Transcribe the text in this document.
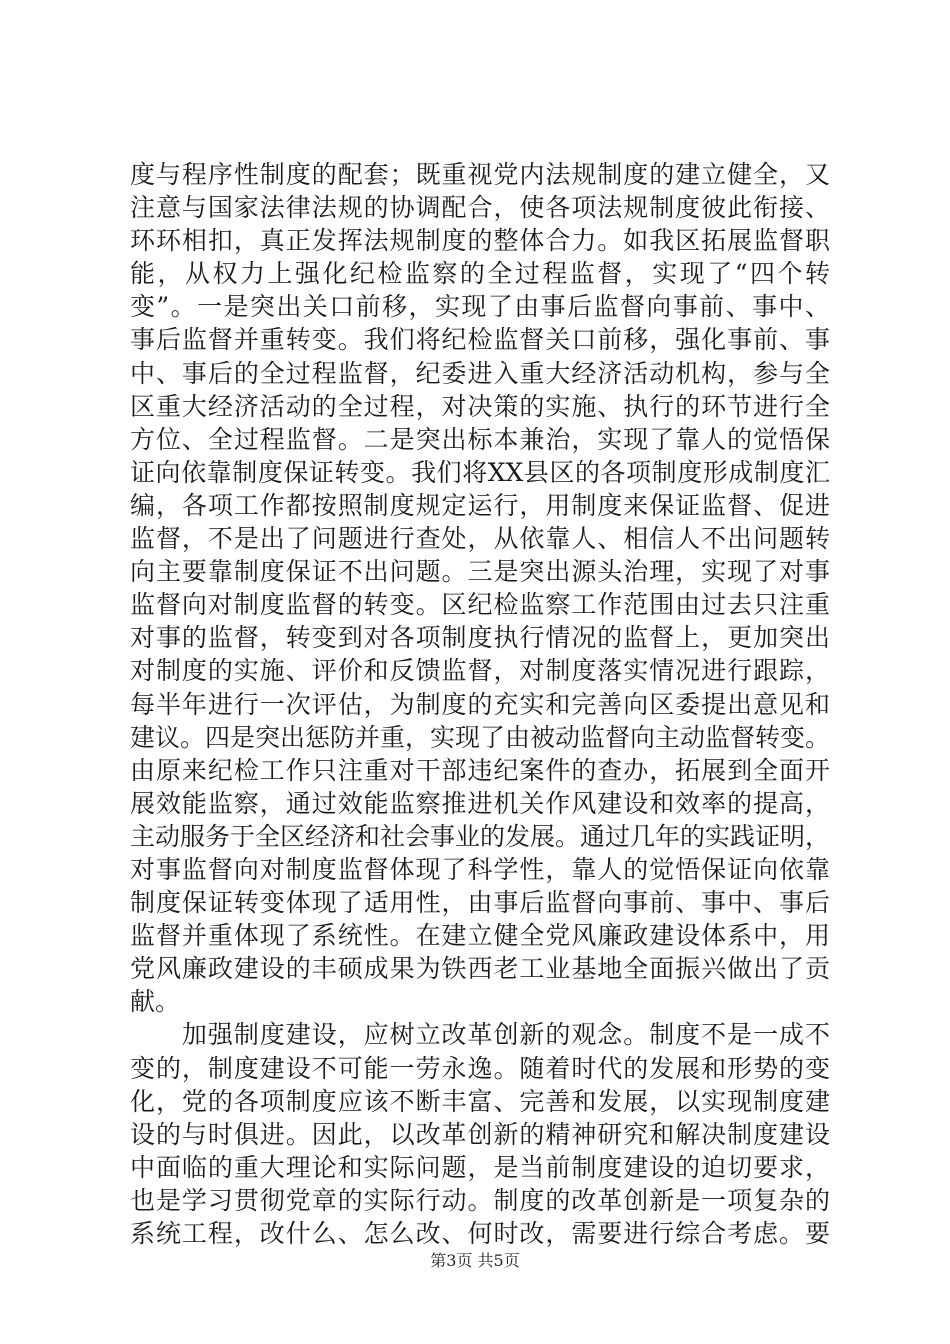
度与程序性制度的配套；既重视党内法规制度的建立健全，又
注意与国家法律法规的协调配合，使各项法规制度彼此衔接、
环环相扣，真正发挥法规制度的整体合力。如我区拓展监督职
能，从权力上强化纪检监察的全过程监督，实现了“四个转
变”。一是突出关口前移，实现了由事后监督向事前、事中、
事后监督并重转变。我们将纪检监督关口前移，强化事前、事
中、事后的全过程监督，纪委进入重大经济活动机构，参与全
区重大经济活动的全过程，对决策的实施、执行的环节进行全
方位、全过程监督。二是突出标本兼治，实现了靠人的觉悟保
证向依靠制度保证转变。我们将XX县区的各项制度形成制度汇
编，各项工作都按照制度规定运行，用制度来保证监督、促进
监督，不是出了问题进行查处，从依靠人、相信人不出问题转
向主要靠制度保证不出问题。三是突出源头治理，实现了对事
监督向对制度监督的转变。区纪检监察工作范围由过去只注重
对事的监督，转变到对各项制度执行情况的监督上，更加突出
对制度的实施、评价和反馈监督，对制度落实情况进行跟踪，
每半年进行一次评估，为制度的充实和完善向区委提出意见和
建议。四是突出惩防并重，实现了由被动监督向主动监督转变。
由原来纪检工作只注重对干部违纪案件的查办，拓展到全面开
展效能监察，通过效能监察推进机关作风建设和效率的提高，
主动服务于全区经济和社会事业的发展。通过几年的实践证明，
对事监督向对制度监督体现了科学性，靠人的觉悟保证向依靠
制度保证转变体现了适用性，由事后监督向事前、事中、事后
监督并重体现了系统性。在建立健全党风廉政建设体系中，用
党风廉政建设的丰硕成果为铁西老工业基地全面振兴做出了贡
献。
　　加强制度建设，应树立改革创新的观念。制度不是一成不
变的，制度建设不可能一劳永逸。随着时代的发展和形势的变
化，党的各项制度应该不断丰富、完善和发展，以实现制度建
设的与时俱进。因此，以改革创新的精神研究和解决制度建设
中面临的重大理论和实际问题，是当前制度建设的迫切要求，
也是学习贯彻党章的实际行动。制度的改革创新是一项复杂的
系统工程，改什么、怎么改、何时改，需要进行综合考虑。要
第3页 共5页
